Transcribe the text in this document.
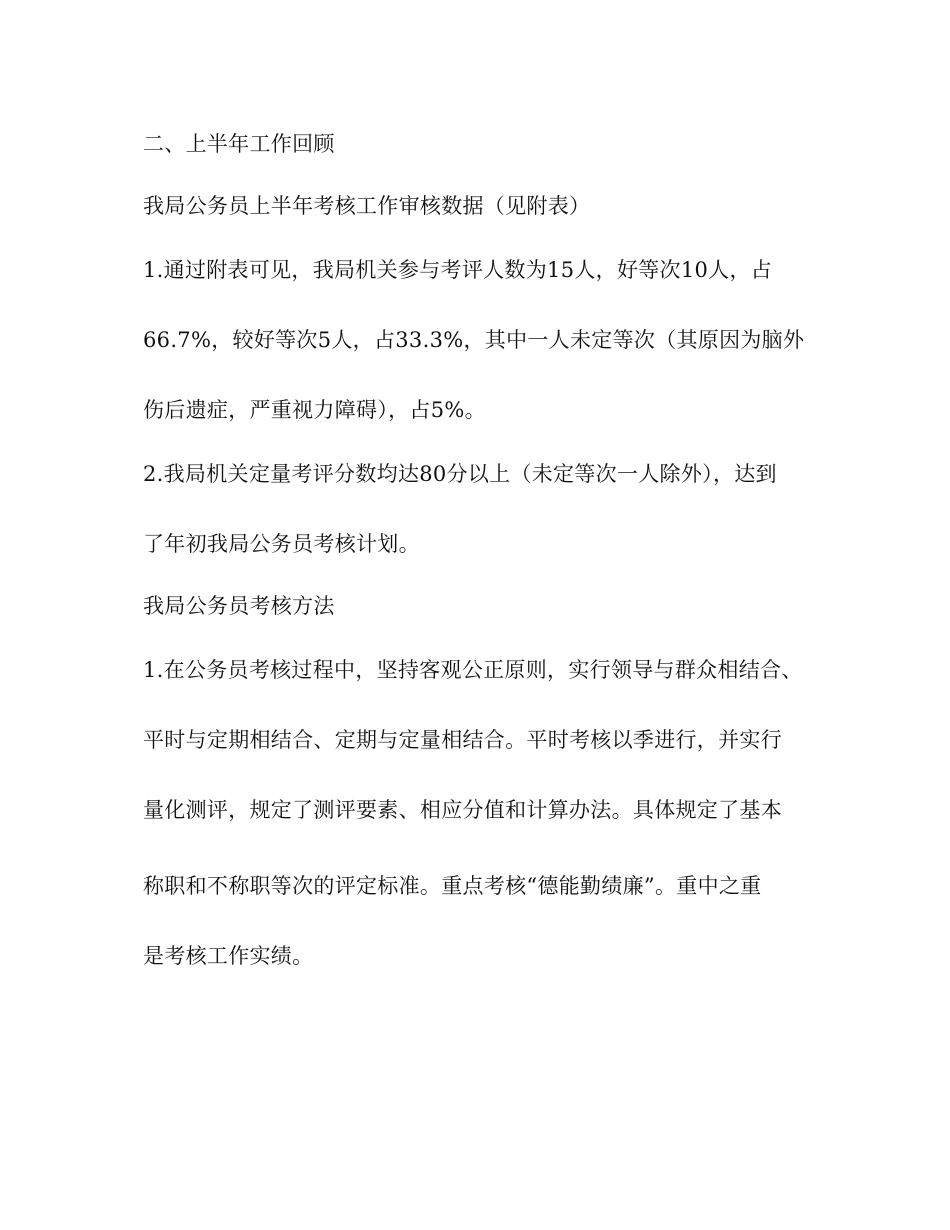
二、上半年工作回顾
我局公务员上半年考核工作审核数据（见附表）
1.通过附表可见，我局机关参与考评人数为15人，好等次10人，占
66.7%，较好等次5人，占33.3%，其中一人未定等次（其原因为脑外
伤后遗症，严重视力障碍），占5%。
2.我局机关定量考评分数均达80分以上（未定等次一人除外），达到
了年初我局公务员考核计划。
我局公务员考核方法
1.在公务员考核过程中，坚持客观公正原则，实行领导与群众相结合、
平时与定期相结合、定期与定量相结合。平时考核以季进行，并实行
量化测评，规定了测评要素、相应分值和计算办法。具体规定了基本
称职和不称职等次的评定标准。重点考核“德能勤绩廉”。重中之重
是考核工作实绩。
